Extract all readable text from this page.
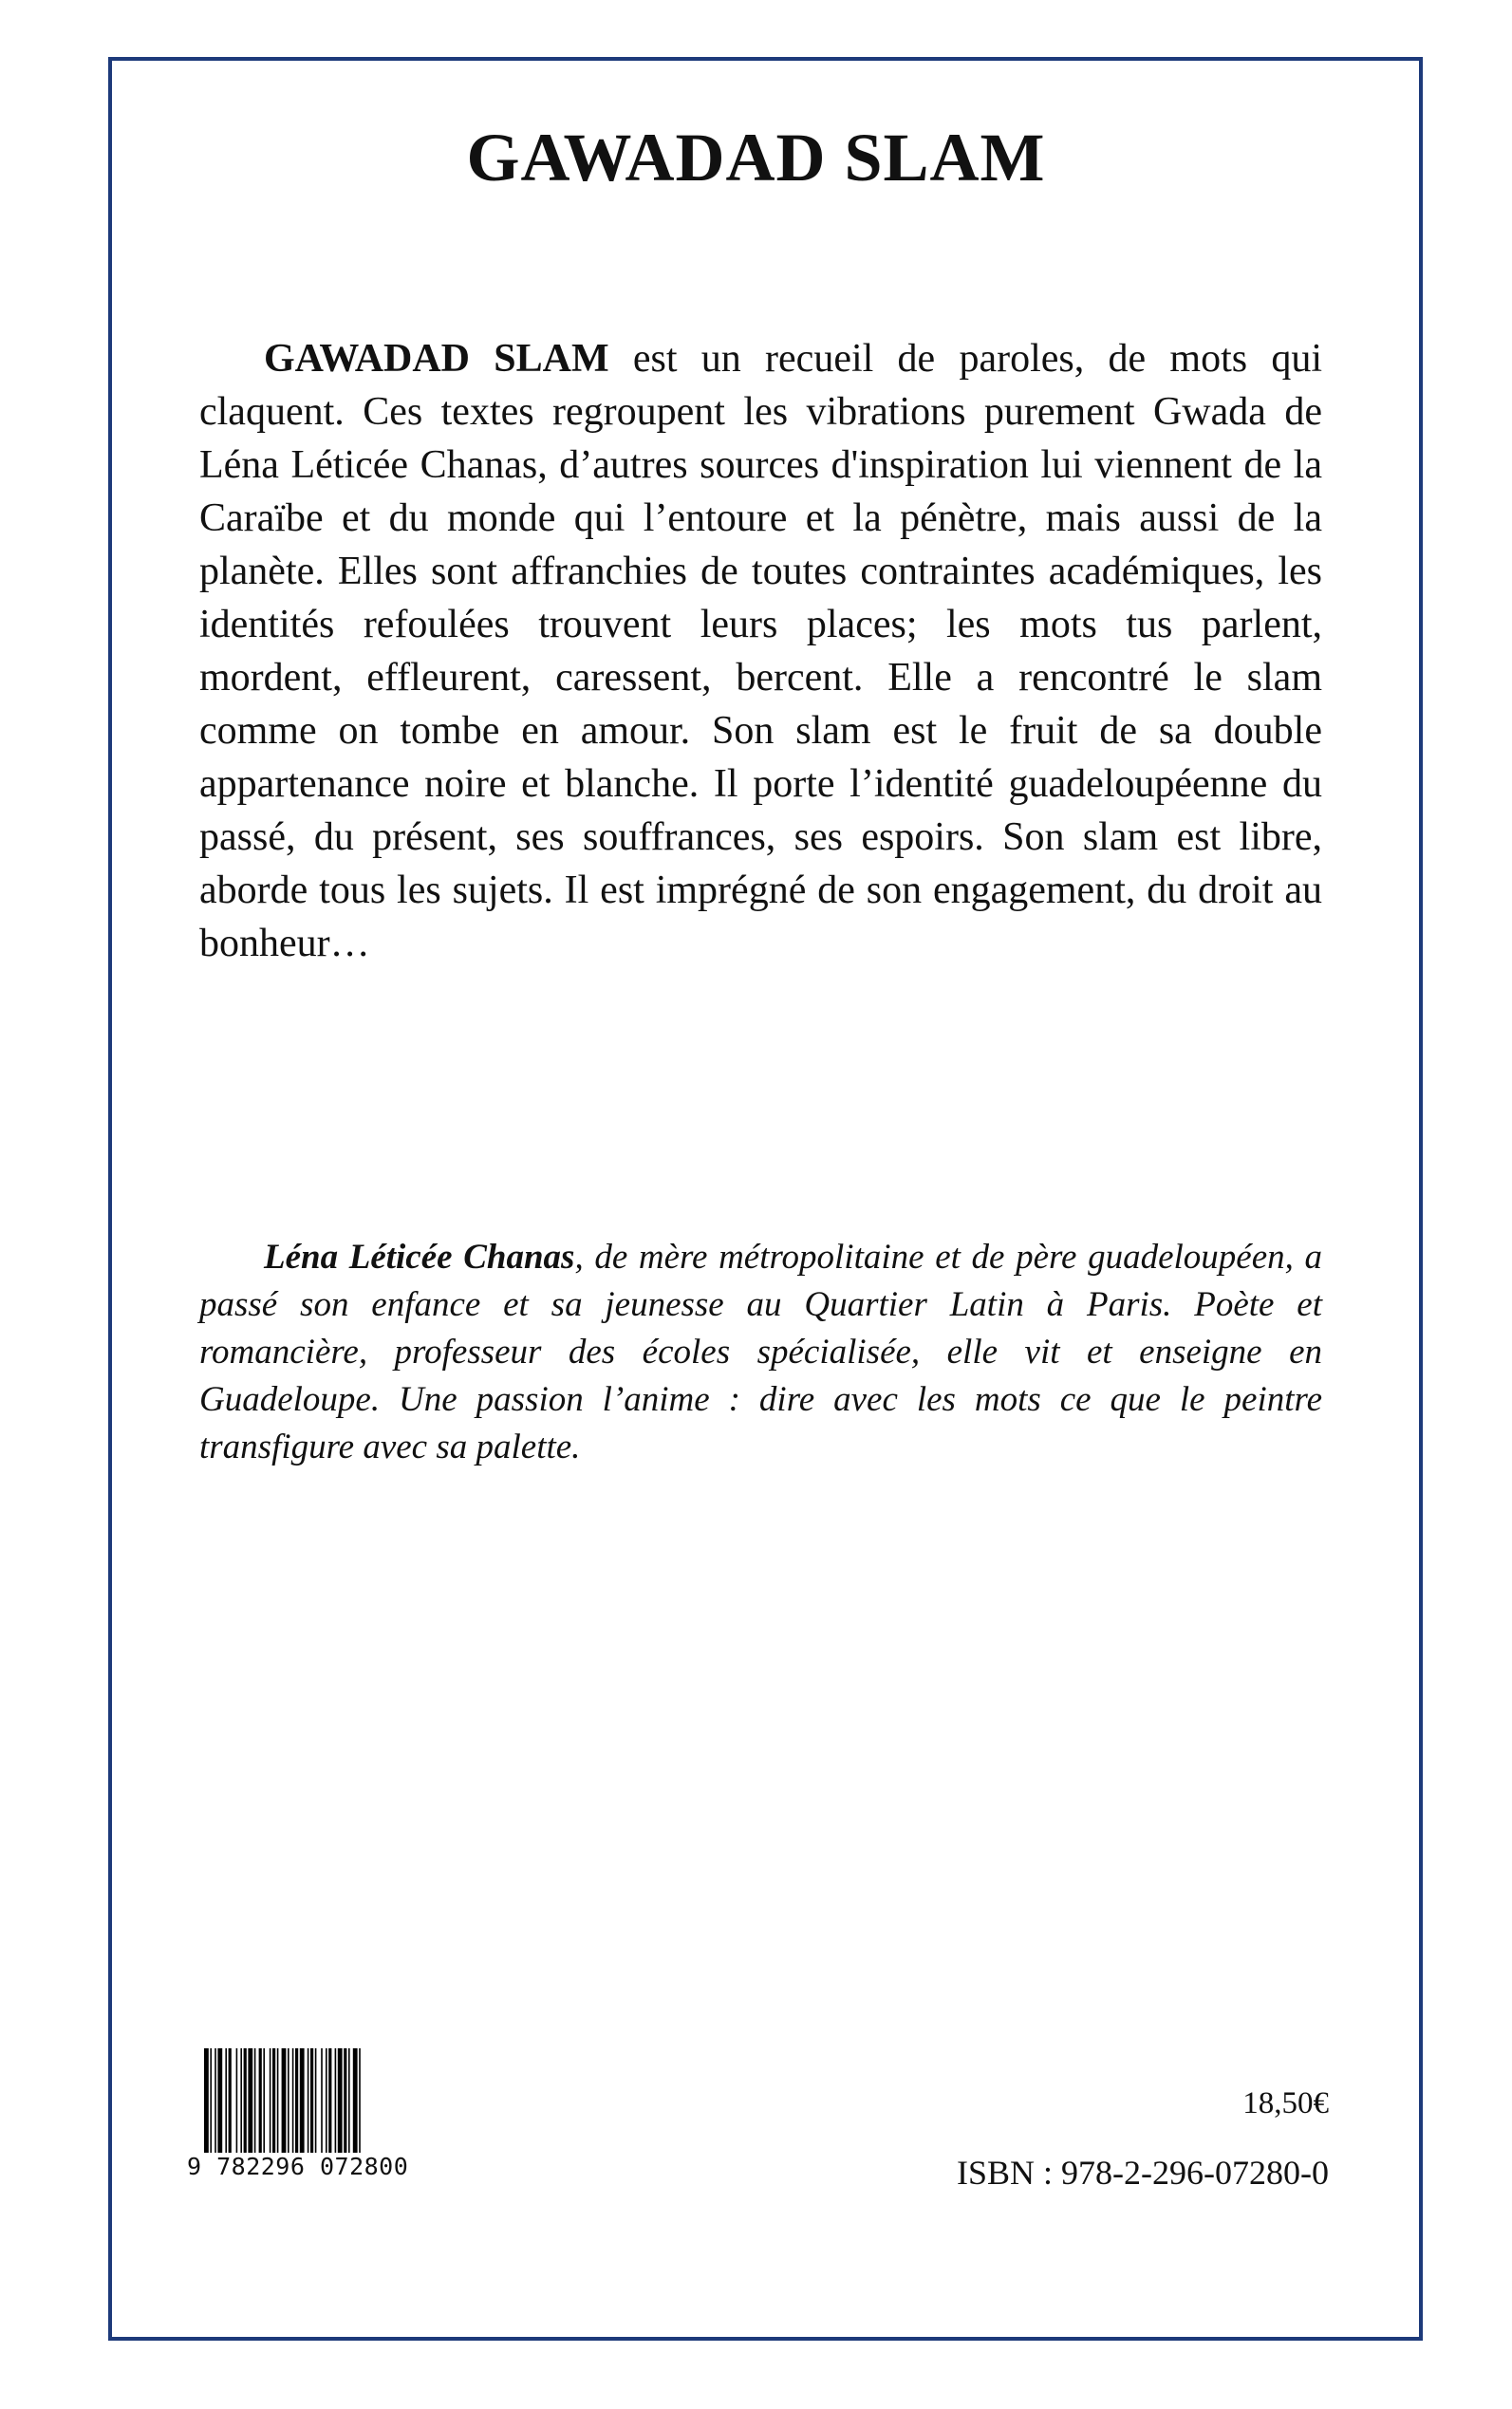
GAWADAD SLAM

GAWADAD SLAM est un recueil de paroles, de mots qui claquent. Ces textes regroupent les vibrations purement Gwada de Léna Léticée Chanas, d’autres sources d'inspiration lui viennent de la Caraïbe et du monde qui l’entoure et la pénètre, mais aussi de la planète. Elles sont affranchies de toutes contraintes académiques, les identités refoulées trouvent leurs places; les mots tus parlent, mordent, effleurent, caressent, bercent. Elle a rencontré le slam comme on tombe en amour. Son slam est le fruit de sa double appartenance noire et blanche. Il porte l’identité guadeloupéenne du passé, du présent, ses souffrances, ses espoirs. Son slam est libre, aborde tous les sujets. Il est imprégné de son engagement, du droit au bonheur…

Léna Léticée Chanas, de mère métropolitaine et de père guadeloupéen, a passé son enfance et sa jeunesse au Quartier Latin à Paris. Poète et romancière, professeur des écoles spécialisée, elle vit et enseigne en Guadeloupe. Une passion l’anime : dire avec les mots ce que le peintre transfigure avec sa palette.

9 782296 072800
18,50€
ISBN : 978-2-296-07280-0
